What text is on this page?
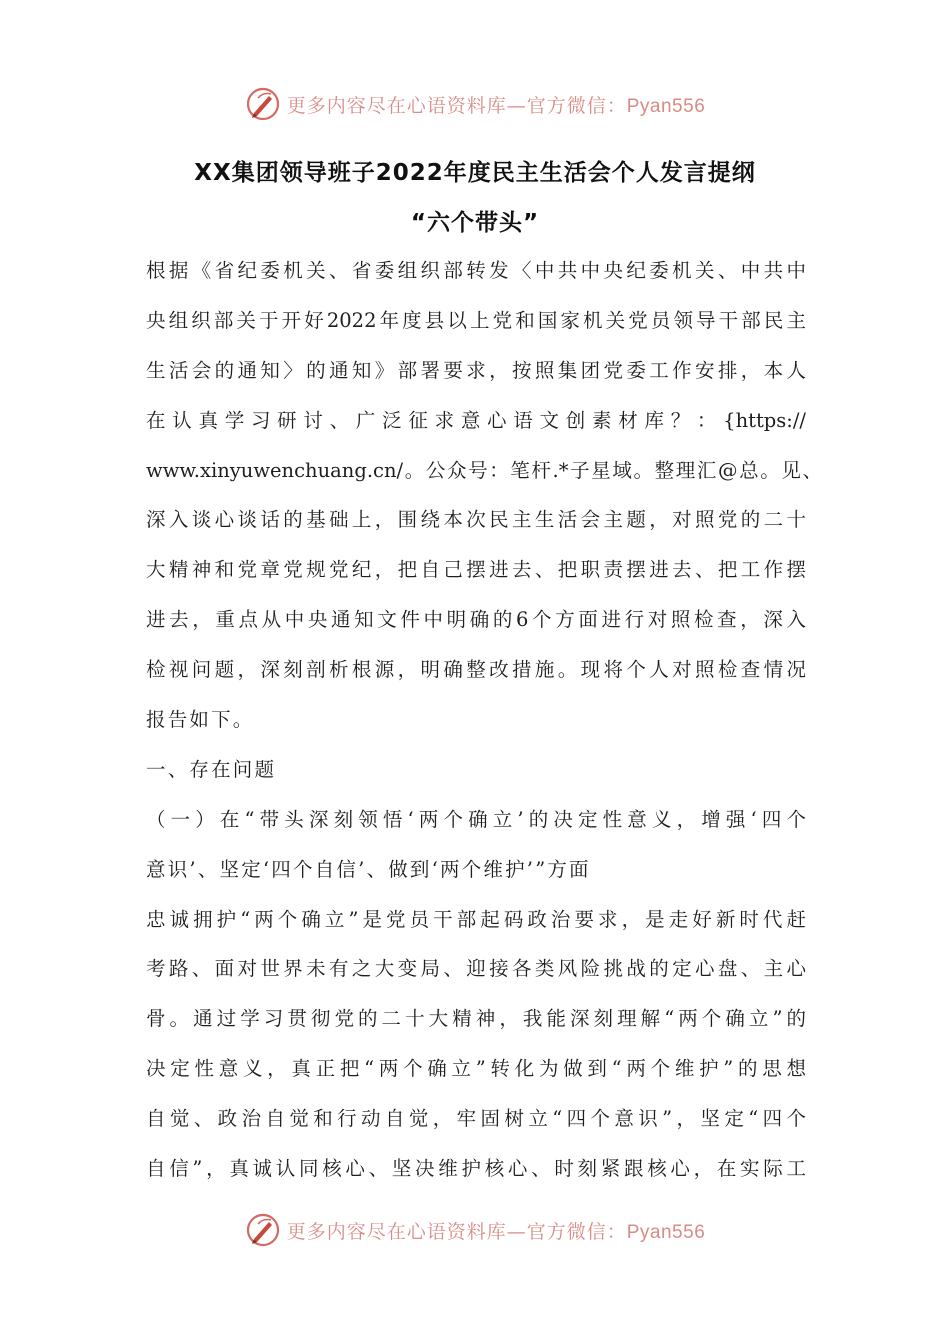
更多内容尽在心语资料库—官方微信：Pyan556
XX集团领导班子2022年度民主生活会个人发言提纲
“六个带头”
根据《省纪委机关、省委组织部转发〈中共中央纪委机关、中共中
央组织部关于开好2022年度县以上党和国家机关党员领导干部民主
生活会的通知〉的通知》部署要求，按照集团党委工作安排，本人
在认真学习研讨、广泛征求意心语文创素材库？：{https://
www.xinyuwenchuang.cn/。公众号：笔杆.*子星域。整理汇@总。见、
深入谈心谈话的基础上，围绕本次民主生活会主题，对照党的二十
大精神和党章党规党纪，把自己摆进去、把职责摆进去、把工作摆
进去，重点从中央通知文件中明确的6个方面进行对照检查，深入
检视问题，深刻剖析根源，明确整改措施。现将个人对照检查情况
报告如下。
一、存在问题
（一）在“带头深刻领悟‘两个确立’的决定性意义，增强‘四个
意识’、坚定‘四个自信’、做到‘两个维护’”方面
忠诚拥护“两个确立”是党员干部起码政治要求，是走好新时代赶
考路、面对世界未有之大变局、迎接各类风险挑战的定心盘、主心
骨。通过学习贯彻党的二十大精神，我能深刻理解“两个确立”的
决定性意义，真正把“两个确立”转化为做到“两个维护”的思想
自觉、政治自觉和行动自觉，牢固树立“四个意识”，坚定“四个
自信”，真诚认同核心、坚决维护核心、时刻紧跟核心，在实际工
更多内容尽在心语资料库—官方微信：Pyan556
